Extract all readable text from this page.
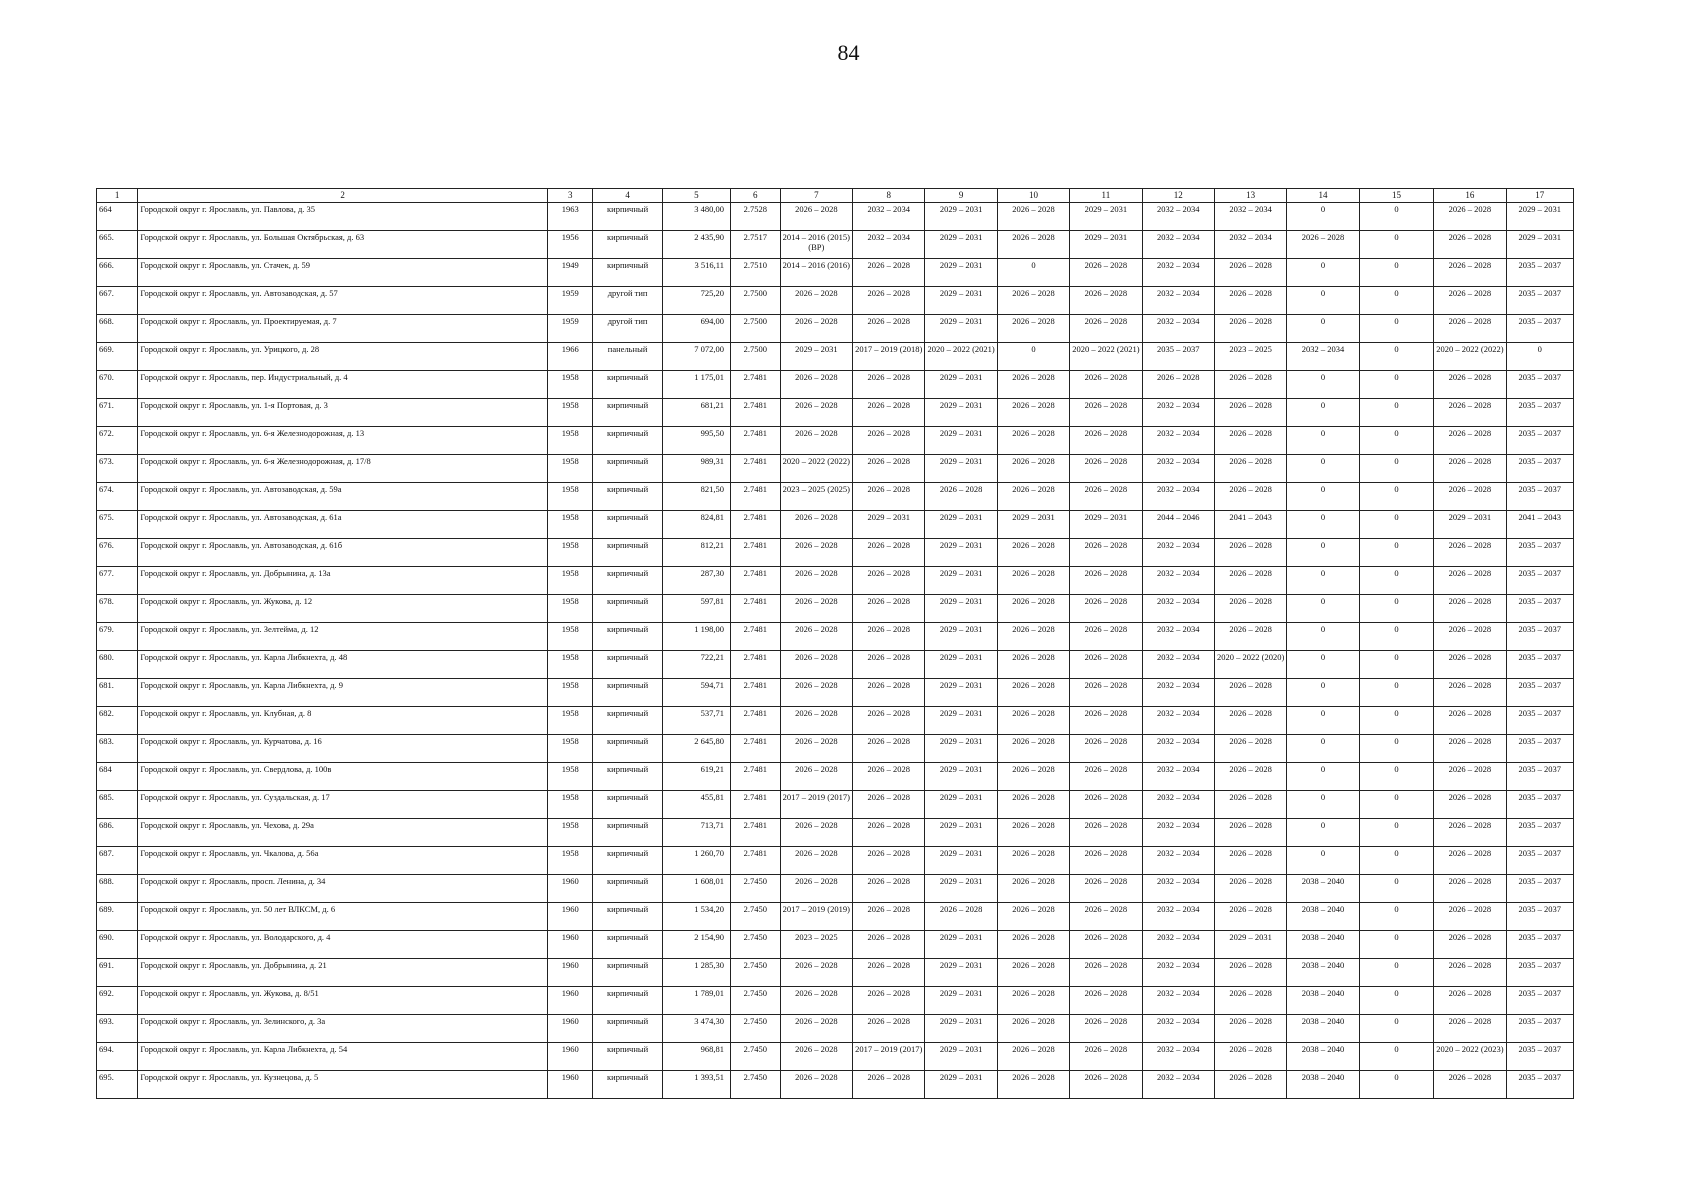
84
1	2	3	4	5	6	7	8	9	10	11	12	13	14	15	16	17
664	Городской округ г. Ярославль, ул. Павлова, д. 35	1963	кирпичный	3 480,00	2.7528	2026 – 2028	2032 – 2034	2029 – 2031	2026 – 2028	2029 – 2031	2032 – 2034	2032 – 2034	0	0	2026 – 2028	2029 – 2031
665.	Городской округ г. Ярославль, ул. Большая Октябрьская, д. 63	1956	кирпичный	2 435,90	2.7517	2014 – 2016 (2015) (ВР)	2032 – 2034	2029 – 2031	2026 – 2028	2029 – 2031	2032 – 2034	2032 – 2034	2026 – 2028	0	2026 – 2028	2029 – 2031
666.	Городской округ г. Ярославль, ул. Стачек, д. 59	1949	кирпичный	3 516,11	2.7510	2014 – 2016 (2016)	2026 – 2028	2029 – 2031	0	2026 – 2028	2032 – 2034	2026 – 2028	0	0	2026 – 2028	2035 – 2037
667.	Городской округ г. Ярославль, ул. Автозаводская, д. 57	1959	другой тип	725,20	2.7500	2026 – 2028	2026 – 2028	2029 – 2031	2026 – 2028	2026 – 2028	2032 – 2034	2026 – 2028	0	0	2026 – 2028	2035 – 2037
668.	Городской округ г. Ярославль, ул. Проектируемая, д. 7	1959	другой тип	694,00	2.7500	2026 – 2028	2026 – 2028	2029 – 2031	2026 – 2028	2026 – 2028	2032 – 2034	2026 – 2028	0	0	2026 – 2028	2035 – 2037
669.	Городской округ г. Ярославль, ул. Урицкого, д. 28	1966	панельный	7 072,00	2.7500	2029 – 2031	2017 – 2019 (2018)	2020 – 2022 (2021)	0	2020 – 2022 (2021)	2035 – 2037	2023 – 2025	2032 – 2034	0	2020 – 2022 (2022)	0
670.	Городской округ г. Ярославль, пер. Индустриальный, д. 4	1958	кирпичный	1 175,01	2.7481	2026 – 2028	2026 – 2028	2029 – 2031	2026 – 2028	2026 – 2028	2026 – 2028	2026 – 2028	0	0	2026 – 2028	2035 – 2037
671.	Городской округ г. Ярославль, ул. 1-я Портовая, д. 3	1958	кирпичный	681,21	2.7481	2026 – 2028	2026 – 2028	2029 – 2031	2026 – 2028	2026 – 2028	2032 – 2034	2026 – 2028	0	0	2026 – 2028	2035 – 2037
672.	Городской округ г. Ярославль, ул. 6-я Железнодорожная, д. 13	1958	кирпичный	995,50	2.7481	2026 – 2028	2026 – 2028	2029 – 2031	2026 – 2028	2026 – 2028	2032 – 2034	2026 – 2028	0	0	2026 – 2028	2035 – 2037
673.	Городской округ г. Ярославль, ул. 6-я Железнодорожная, д. 17/8	1958	кирпичный	989,31	2.7481	2020 – 2022 (2022)	2026 – 2028	2029 – 2031	2026 – 2028	2026 – 2028	2032 – 2034	2026 – 2028	0	0	2026 – 2028	2035 – 2037
674.	Городской округ г. Ярославль, ул. Автозаводская, д. 59а	1958	кирпичный	821,50	2.7481	2023 – 2025 (2025)	2026 – 2028	2026 – 2028	2026 – 2028	2026 – 2028	2032 – 2034	2026 – 2028	0	0	2026 – 2028	2035 – 2037
675.	Городской округ г. Ярославль, ул. Автозаводская, д. 61а	1958	кирпичный	824,81	2.7481	2026 – 2028	2029 – 2031	2029 – 2031	2029 – 2031	2029 – 2031	2044 – 2046	2041 – 2043	0	0	2029 – 2031	2041 – 2043
676.	Городской округ г. Ярославль, ул. Автозаводская, д. 61б	1958	кирпичный	812,21	2.7481	2026 – 2028	2026 – 2028	2029 – 2031	2026 – 2028	2026 – 2028	2032 – 2034	2026 – 2028	0	0	2026 – 2028	2035 – 2037
677.	Городской округ г. Ярославль, ул. Добрынина, д. 13а	1958	кирпичный	287,30	2.7481	2026 – 2028	2026 – 2028	2029 – 2031	2026 – 2028	2026 – 2028	2032 – 2034	2026 – 2028	0	0	2026 – 2028	2035 – 2037
678.	Городской округ г. Ярославль, ул. Жукова, д. 12	1958	кирпичный	597,81	2.7481	2026 – 2028	2026 – 2028	2029 – 2031	2026 – 2028	2026 – 2028	2032 – 2034	2026 – 2028	0	0	2026 – 2028	2035 – 2037
679.	Городской округ г. Ярославль, ул. Зелтейма, д. 12	1958	кирпичный	1 198,00	2.7481	2026 – 2028	2026 – 2028	2029 – 2031	2026 – 2028	2026 – 2028	2032 – 2034	2026 – 2028	0	0	2026 – 2028	2035 – 2037
680.	Городской округ г. Ярославль, ул. Карла Либкнехта, д. 48	1958	кирпичный	722,21	2.7481	2026 – 2028	2026 – 2028	2029 – 2031	2026 – 2028	2026 – 2028	2032 – 2034	2020 – 2022 (2020)	0	0	2026 – 2028	2035 – 2037
681.	Городской округ г. Ярославль, ул. Карла Либкнехта, д. 9	1958	кирпичный	594,71	2.7481	2026 – 2028	2026 – 2028	2029 – 2031	2026 – 2028	2026 – 2028	2032 – 2034	2026 – 2028	0	0	2026 – 2028	2035 – 2037
682.	Городской округ г. Ярославль, ул. Клубная, д. 8	1958	кирпичный	537,71	2.7481	2026 – 2028	2026 – 2028	2029 – 2031	2026 – 2028	2026 – 2028	2032 – 2034	2026 – 2028	0	0	2026 – 2028	2035 – 2037
683.	Городской округ г. Ярославль, ул. Курчатова, д. 16	1958	кирпичный	2 645,80	2.7481	2026 – 2028	2026 – 2028	2029 – 2031	2026 – 2028	2026 – 2028	2032 – 2034	2026 – 2028	0	0	2026 – 2028	2035 – 2037
684	Городской округ г. Ярославль, ул. Свердлова, д. 100в	1958	кирпичный	619,21	2.7481	2026 – 2028	2026 – 2028	2029 – 2031	2026 – 2028	2026 – 2028	2032 – 2034	2026 – 2028	0	0	2026 – 2028	2035 – 2037
685.	Городской округ г. Ярославль, ул. Суздальская, д. 17	1958	кирпичный	455,81	2.7481	2017 – 2019 (2017)	2026 – 2028	2029 – 2031	2026 – 2028	2026 – 2028	2032 – 2034	2026 – 2028	0	0	2026 – 2028	2035 – 2037
686.	Городской округ г. Ярославль, ул. Чехова, д. 29а	1958	кирпичный	713,71	2.7481	2026 – 2028	2026 – 2028	2029 – 2031	2026 – 2028	2026 – 2028	2032 – 2034	2026 – 2028	0	0	2026 – 2028	2035 – 2037
687.	Городской округ г. Ярославль, ул. Чкалова, д. 56а	1958	кирпичный	1 260,70	2.7481	2026 – 2028	2026 – 2028	2029 – 2031	2026 – 2028	2026 – 2028	2032 – 2034	2026 – 2028	0	0	2026 – 2028	2035 – 2037
688.	Городской округ г. Ярославль, просп. Ленина, д. 34	1960	кирпичный	1 608,01	2.7450	2026 – 2028	2026 – 2028	2029 – 2031	2026 – 2028	2026 – 2028	2032 – 2034	2026 – 2028	2038 – 2040	0	2026 – 2028	2035 – 2037
689.	Городской округ г. Ярославль, ул. 50 лет ВЛКСМ, д. 6	1960	кирпичный	1 534,20	2.7450	2017 – 2019 (2019)	2026 – 2028	2026 – 2028	2026 – 2028	2026 – 2028	2032 – 2034	2026 – 2028	2038 – 2040	0	2026 – 2028	2035 – 2037
690.	Городской округ г. Ярославль, ул. Володарского, д. 4	1960	кирпичный	2 154,90	2.7450	2023 – 2025	2026 – 2028	2029 – 2031	2026 – 2028	2026 – 2028	2032 – 2034	2029 – 2031	2038 – 2040	0	2026 – 2028	2035 – 2037
691.	Городской округ г. Ярославль, ул. Добрынина, д. 21	1960	кирпичный	1 285,30	2.7450	2026 – 2028	2026 – 2028	2029 – 2031	2026 – 2028	2026 – 2028	2032 – 2034	2026 – 2028	2038 – 2040	0	2026 – 2028	2035 – 2037
692.	Городской округ г. Ярославль, ул. Жукова, д. 8/51	1960	кирпичный	1 789,01	2.7450	2026 – 2028	2026 – 2028	2029 – 2031	2026 – 2028	2026 – 2028	2032 – 2034	2026 – 2028	2038 – 2040	0	2026 – 2028	2035 – 2037
693.	Городской округ г. Ярославль, ул. Зелинского, д. 3а	1960	кирпичный	3 474,30	2.7450	2026 – 2028	2026 – 2028	2029 – 2031	2026 – 2028	2026 – 2028	2032 – 2034	2026 – 2028	2038 – 2040	0	2026 – 2028	2035 – 2037
694.	Городской округ г. Ярославль, ул. Карла Либкнехта, д. 54	1960	кирпичный	968,81	2.7450	2026 – 2028	2017 – 2019 (2017)	2029 – 2031	2026 – 2028	2026 – 2028	2032 – 2034	2026 – 2028	2038 – 2040	0	2020 – 2022 (2023)	2035 – 2037
695.	Городской округ г. Ярославль, ул. Кузнецова, д. 5	1960	кирпичный	1 393,51	2.7450	2026 – 2028	2026 – 2028	2029 – 2031	2026 – 2028	2026 – 2028	2032 – 2034	2026 – 2028	2038 – 2040	0	2026 – 2028	2035 – 2037
